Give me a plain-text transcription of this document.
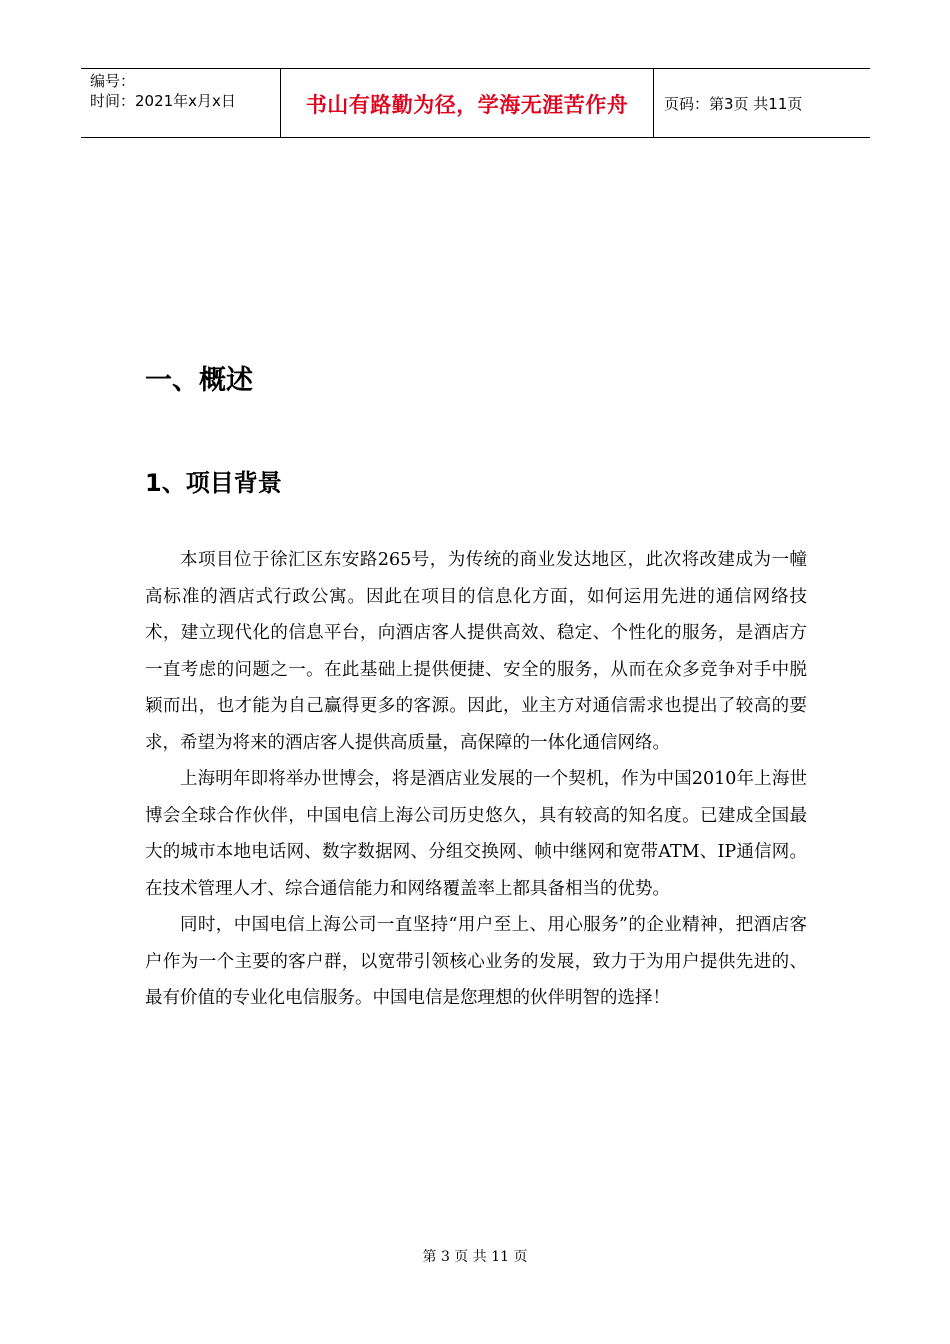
编号：
时间：2021年x月x日	书山有路勤为径，学海无涯苦作舟	页码：第3页 共11页
一、概述
1、项目背景

本项目位于徐汇区东安路265号，为传统的商业发达地区，此次将改建成为一幢高标准的酒店式行政公寓。因此在项目的信息化方面，如何运用先进的通信网络技术，建立现代化的信息平台，向酒店客人提供高效、稳定、个性化的服务，是酒店方一直考虑的问题之一。在此基础上提供便捷、安全的服务，从而在众多竞争对手中脱颖而出，也才能为自己赢得更多的客源。因此，业主方对通信需求也提出了较高的要求，希望为将来的酒店客人提供高质量，高保障的一体化通信网络。

上海明年即将举办世博会，将是酒店业发展的一个契机，作为中国2010年上海世博会全球合作伙伴，中国电信上海公司历史悠久，具有较高的知名度。已建成全国最大的城市本地电话网、数字数据网、分组交换网、帧中继网和宽带ATM、IP通信网。在技术管理人才、综合通信能力和网络覆盖率上都具备相当的优势。

同时，中国电信上海公司一直坚持“用户至上、用心服务”的企业精神，把酒店客户作为一个主要的客户群，以宽带引领核心业务的发展，致力于为用户提供先进的、最有价值的专业化电信服务。中国电信是您理想的伙伴明智的选择！

第 3 页 共 11 页
